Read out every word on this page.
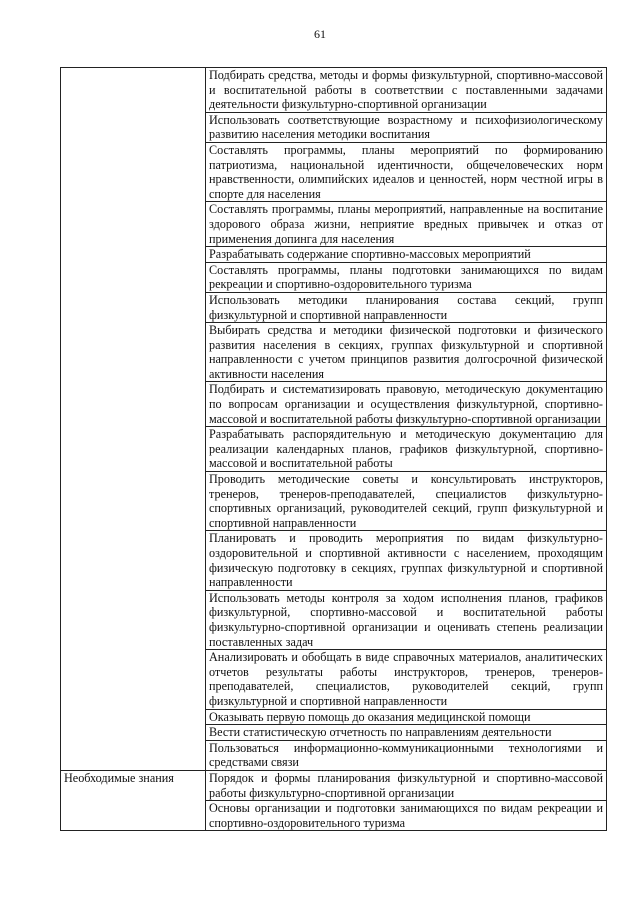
61
	Подбирать средства, методы и формы физкультурной, спортивно-массовой и воспитательной работы в соответствии с поставленными задачами деятельности физкультурно-спортивной организации
	Использовать соответствующие возрастному и психофизиологическому развитию населения методики воспитания
	Составлять программы, планы мероприятий по формированию патриотизма, национальной идентичности, общечеловеческих норм нравственности, олимпийских идеалов и ценностей, норм честной игры в спорте для населения
	Составлять программы, планы мероприятий, направленные на воспитание здорового образа жизни, неприятие вредных привычек и отказ от применения допинга для населения
	Разрабатывать содержание спортивно-массовых мероприятий
	Составлять программы, планы подготовки занимающихся по видам рекреации и спортивно-оздоровительного туризма
	Использовать методики планирования состава секций, групп физкультурной и спортивной направленности
	Выбирать средства и методики физической подготовки и физического развития населения в секциях, группах физкультурной и спортивной направленности с учетом принципов развития долгосрочной физической активности населения
	Подбирать и систематизировать правовую, методическую документацию по вопросам организации и осуществления физкультурной, спортивно-массовой и воспитательной работы физкультурно-спортивной организации
	Разрабатывать распорядительную и методическую документацию для реализации календарных планов, графиков физкультурной, спортивно-массовой и воспитательной работы
	Проводить методические советы и консультировать инструкторов, тренеров, тренеров-преподавателей, специалистов физкультурно-спортивных организаций, руководителей секций, групп физкультурной и спортивной направленности
	Планировать и проводить мероприятия по видам физкультурно-оздоровительной и спортивной активности с населением, проходящим физическую подготовку в секциях, группах физкультурной и спортивной направленности
	Использовать методы контроля за ходом исполнения планов, графиков физкультурной, спортивно-массовой и воспитательной работы физкультурно-спортивной организации и оценивать степень реализации поставленных задач
	Анализировать и обобщать в виде справочных материалов, аналитических отчетов результаты работы инструкторов, тренеров, тренеров-преподавателей, специалистов, руководителей секций, групп физкультурной и спортивной направленности
	Оказывать первую помощь до оказания медицинской помощи
	Вести статистическую отчетность по направлениям деятельности
	Пользоваться информационно-коммуникационными технологиями и средствами связи
Необходимые знания	Порядок и формы планирования физкультурной и спортивно-массовой работы физкультурно-спортивной организации
	Основы организации и подготовки занимающихся по видам рекреации и спортивно-оздоровительного туризма
